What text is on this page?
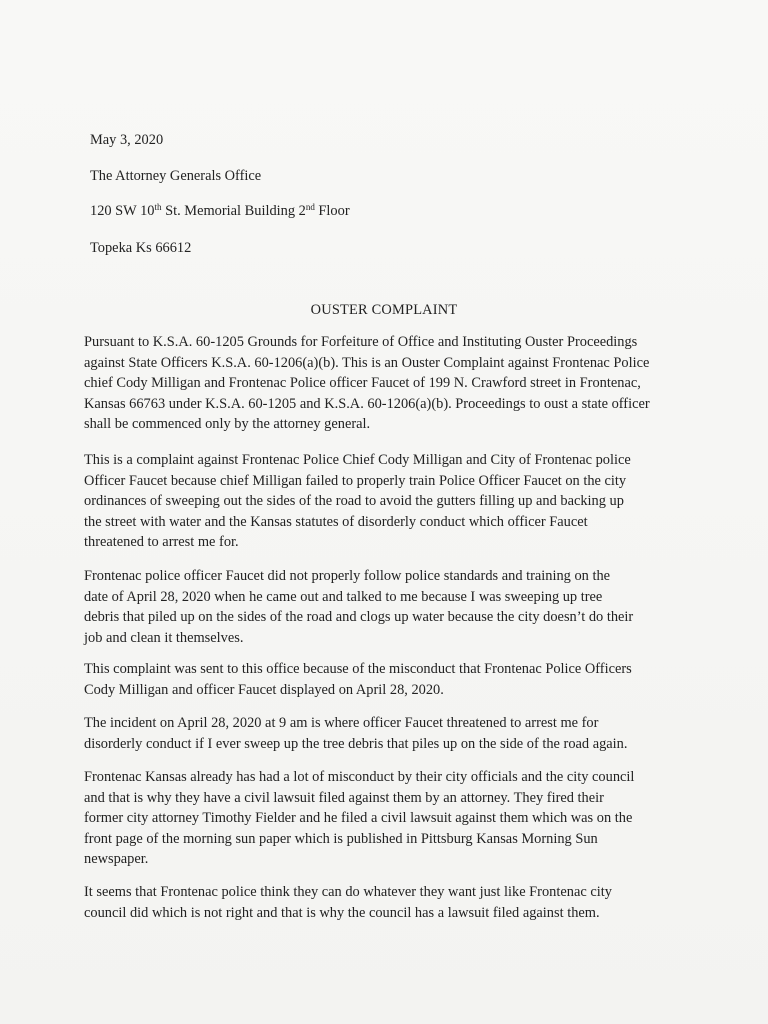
May 3, 2020
The Attorney Generals Office
120 SW 10th St. Memorial Building 2nd Floor
Topeka Ks 66612
OUSTER COMPLAINT

Pursuant to K.S.A. 60-1205 Grounds for Forfeiture of Office and Instituting Ouster Proceedings

against State Officers K.S.A. 60-1206(a)(b). This is an Ouster Complaint against Frontenac Police

chief Cody Milligan and Frontenac Police officer Faucet of 199 N. Crawford street in Frontenac,

Kansas 66763 under K.S.A. 60-1205 and K.S.A. 60-1206(a)(b). Proceedings to oust a state officer

shall be commenced only by the attorney general.

This is a complaint against Frontenac Police Chief Cody Milligan and City of Frontenac police

Officer Faucet because chief Milligan failed to properly train Police Officer Faucet on the city

ordinances of sweeping out the sides of the road to avoid the gutters filling up and backing up

the street with water and the Kansas statutes of disorderly conduct which officer Faucet

threatened to arrest me for.

Frontenac police officer Faucet did not properly follow police standards and training on the

date of April 28, 2020 when he came out and talked to me because I was sweeping up tree

debris that piled up on the sides of the road and clogs up water because the city doesn’t do their

job and clean it themselves.

This complaint was sent to this office because of the misconduct that Frontenac Police Officers

Cody Milligan and officer Faucet displayed on April 28, 2020.

The incident on April 28, 2020 at 9 am is where officer Faucet threatened to arrest me for

disorderly conduct if I ever sweep up the tree debris that piles up on the side of the road again.

Frontenac Kansas already has had a lot of misconduct by their city officials and the city council

and that is why they have a civil lawsuit filed against them by an attorney. They fired their

former city attorney Timothy Fielder and he filed a civil lawsuit against them which was on the

front page of the morning sun paper which is published in Pittsburg Kansas Morning Sun

newspaper.

It seems that Frontenac police think they can do whatever they want just like Frontenac city

council did which is not right and that is why the council has a lawsuit filed against them.
